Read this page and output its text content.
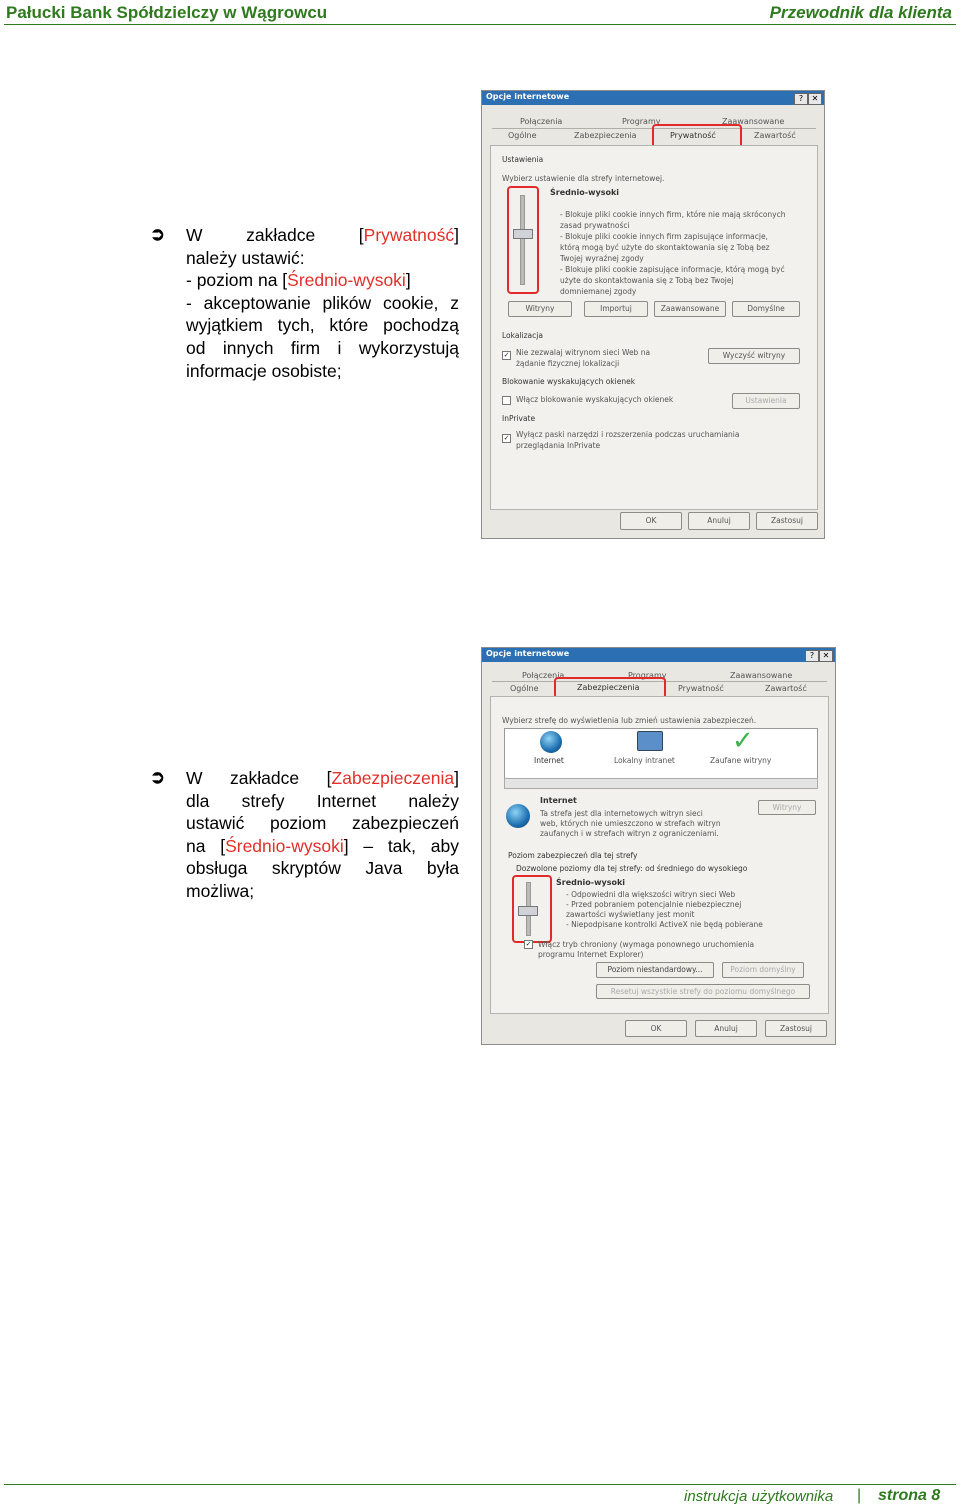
Pałucki Bank Spółdzielczy w Wągrowcu	Przewodnik dla klienta
➲ W zakładce [Prywatność]
należy ustawić:
- poziom na [Średnio-wysoki]
- akceptowanie plików cookie, z
wyjątkiem tych, które pochodzą
od innych firm i wykorzystują
informacje osobiste;
Opcje internetowe	?	✕
Połączenia	Programy	Zaawansowane
Ogólne	Zabezpieczenia	Prywatność	Zawartość
Ustawienia
Wybierz ustawienie dla strefy internetowej.
Średnio-wysoki
- Blokuje pliki cookie innych firm, które nie mają skróconych
zasad prywatności
- Blokuje pliki cookie innych firm zapisujące informacje,
którą mogą być użyte do skontaktowania się z Tobą bez
Twojej wyraźnej zgody
- Blokuje pliki cookie zapisujące informacje, którą mogą być
użyte do skontaktowania się z Tobą bez Twojej
domniemanej zgody
Witryny	Importuj	Zaawansowane	Domyślne
Lokalizacja
✓ Nie zezwalaj witrynom sieci Web na
żądanie fizycznej lokalizacji
Wyczyść witryny
Blokowanie wyskakujących okienek
Włącz blokowanie wyskakujących okienek	Ustawienia
InPrivate
✓ Wyłącz paski narzędzi i rozszerzenia podczas uruchamiania
przeglądania InPrivate
OK	Anuluj	Zastosuj
Opcje internetowe	?	✕
Połączenia	Programy	Zaawansowane
Ogólne	Zabezpieczenia	Prywatność	Zawartość
Wybierz strefę do wyświetlenia lub zmień ustawienia zabezpieczeń.
✓
Internet	Lokalny intranet	Zaufane witryny
Internet
Ta strefa jest dla internetowych witryn sieci
web, których nie umieszczono w strefach witryn
zaufanych i w strefach witryn z ograniczeniami.
Witryny
Poziom zabezpieczeń dla tej strefy
Dozwolone poziomy dla tej strefy: od średniego do wysokiego
Średnio-wysoki
- Odpowiedni dla większości witryn sieci Web
- Przed pobraniem potencjalnie niebezpiecznej
zawartości wyświetlany jest monit
- Niepodpisane kontrolki ActiveX nie będą pobierane
✓ Włącz tryb chroniony (wymaga ponownego uruchomienia
programu Internet Explorer)
Poziom niestandardowy...	Poziom domyślny
Resetuj wszystkie strefy do poziomu domyślnego
OK	Anuluj	Zastosuj
➲ W zakładce [Zabezpieczenia]
dla strefy Internet należy
ustawić poziom zabezpieczeń
na [Średnio-wysoki] – tak, aby
obsługa skryptów Java była
możliwa;
instrukcja użytkownika | strona 8
